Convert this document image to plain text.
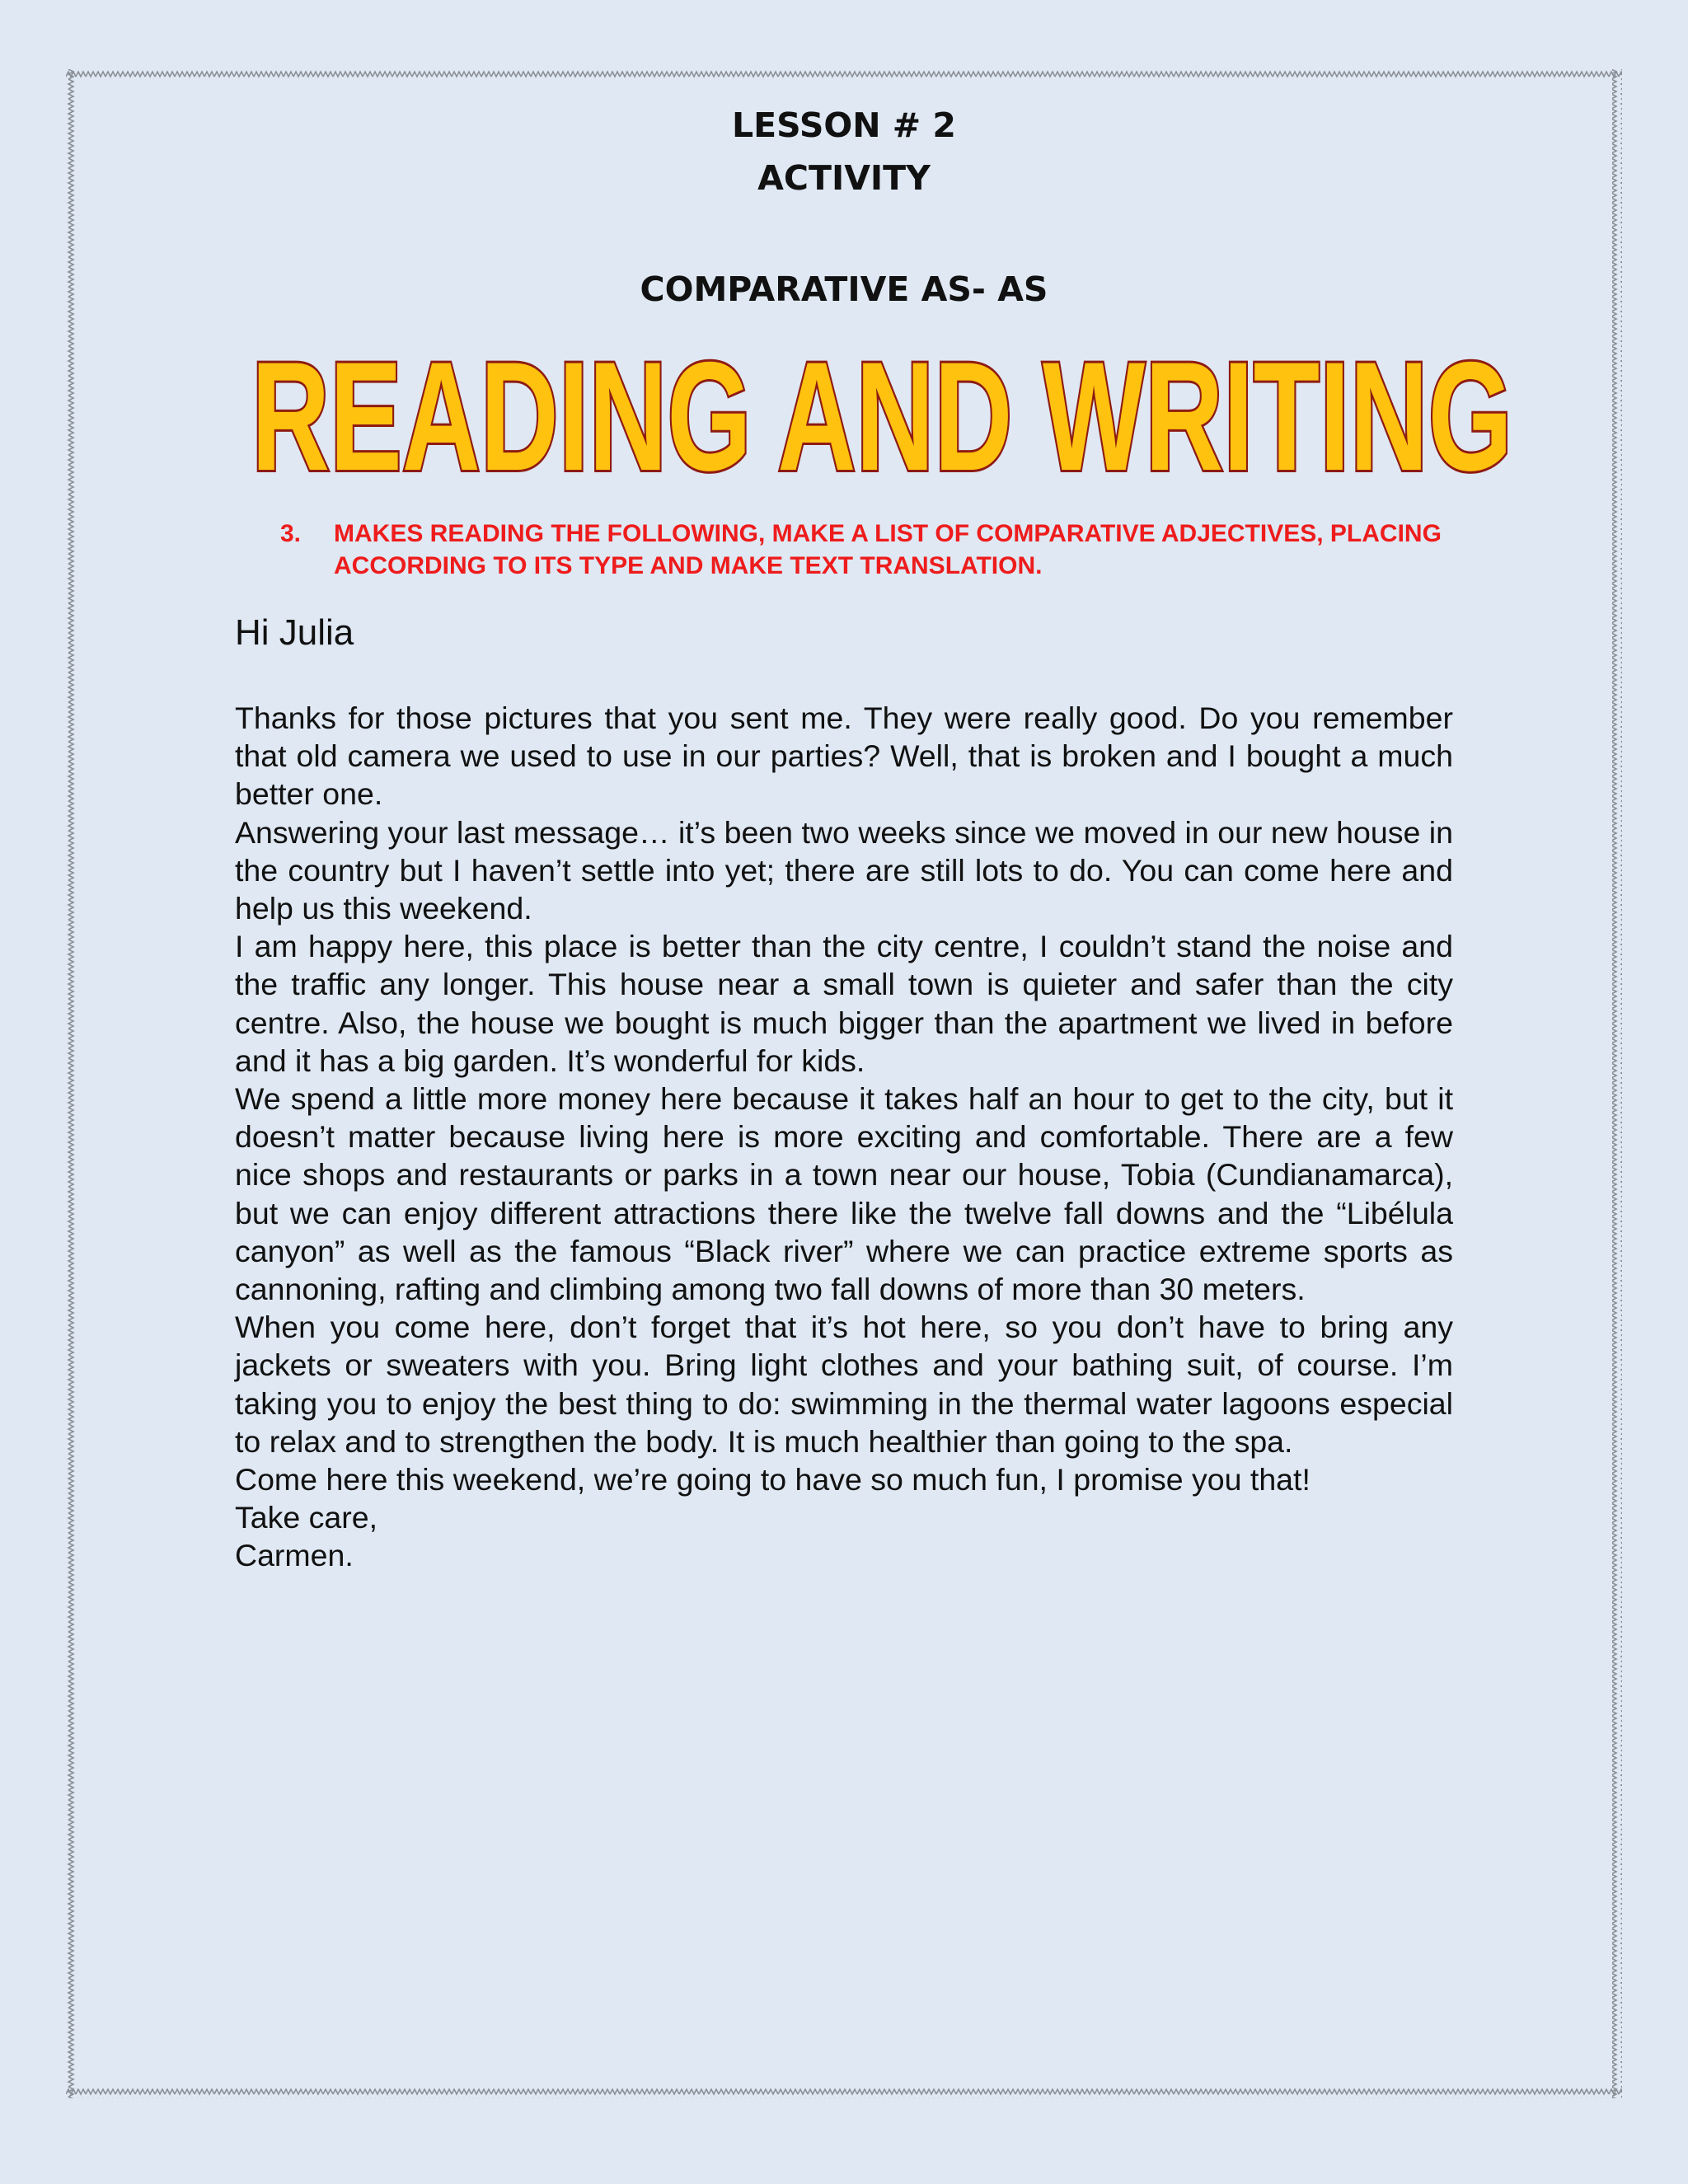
LESSON # 2
ACTIVITY
COMPARATIVE AS- AS
READING AND WRITING
3.	MAKES READING THE FOLLOWING, MAKE A LIST OF COMPARATIVE ADJECTIVES, PLACING ACCORDING TO ITS TYPE AND MAKE TEXT TRANSLATION.
Hi Julia

Thanks for those pictures that you sent me. They were really good. Do you remember that old camera we used to use in our parties? Well, that is broken and I bought a much better one.

Answering your last message… it’s been two weeks since we moved in our new house in the country but I haven’t settle into yet; there are still lots to do. You can come here and help us this weekend.

I am happy here, this place is better than the city centre, I couldn’t stand the noise and the traffic any longer. This house near a small town is quieter and safer than the city centre. Also, the house we bought is much bigger than the apartment we lived in before and it has a big garden. It’s wonderful for kids.

We spend a little more money here because it takes half an hour to get to the city, but it doesn’t matter because living here is more exciting and comfortable. There are a few nice shops and restaurants or parks in a town near our house, Tobia (Cundianamarca), but we can enjoy different attractions there like the twelve fall downs and the “Libélula canyon” as well as the famous “Black river” where we can practice extreme sports as cannoning, rafting and climbing among two fall downs of more than 30 meters.

When you come here, don’t forget that it’s hot here, so you don’t have to bring any jackets or sweaters with you. Bring light clothes and your bathing suit, of course. I’m taking you to enjoy the best thing to do: swimming in the thermal water lagoons especial to relax and to strengthen the body. It is much healthier than going to the spa.

Come here this weekend, we’re going to have so much fun, I promise you that!

Take care,

Carmen.
